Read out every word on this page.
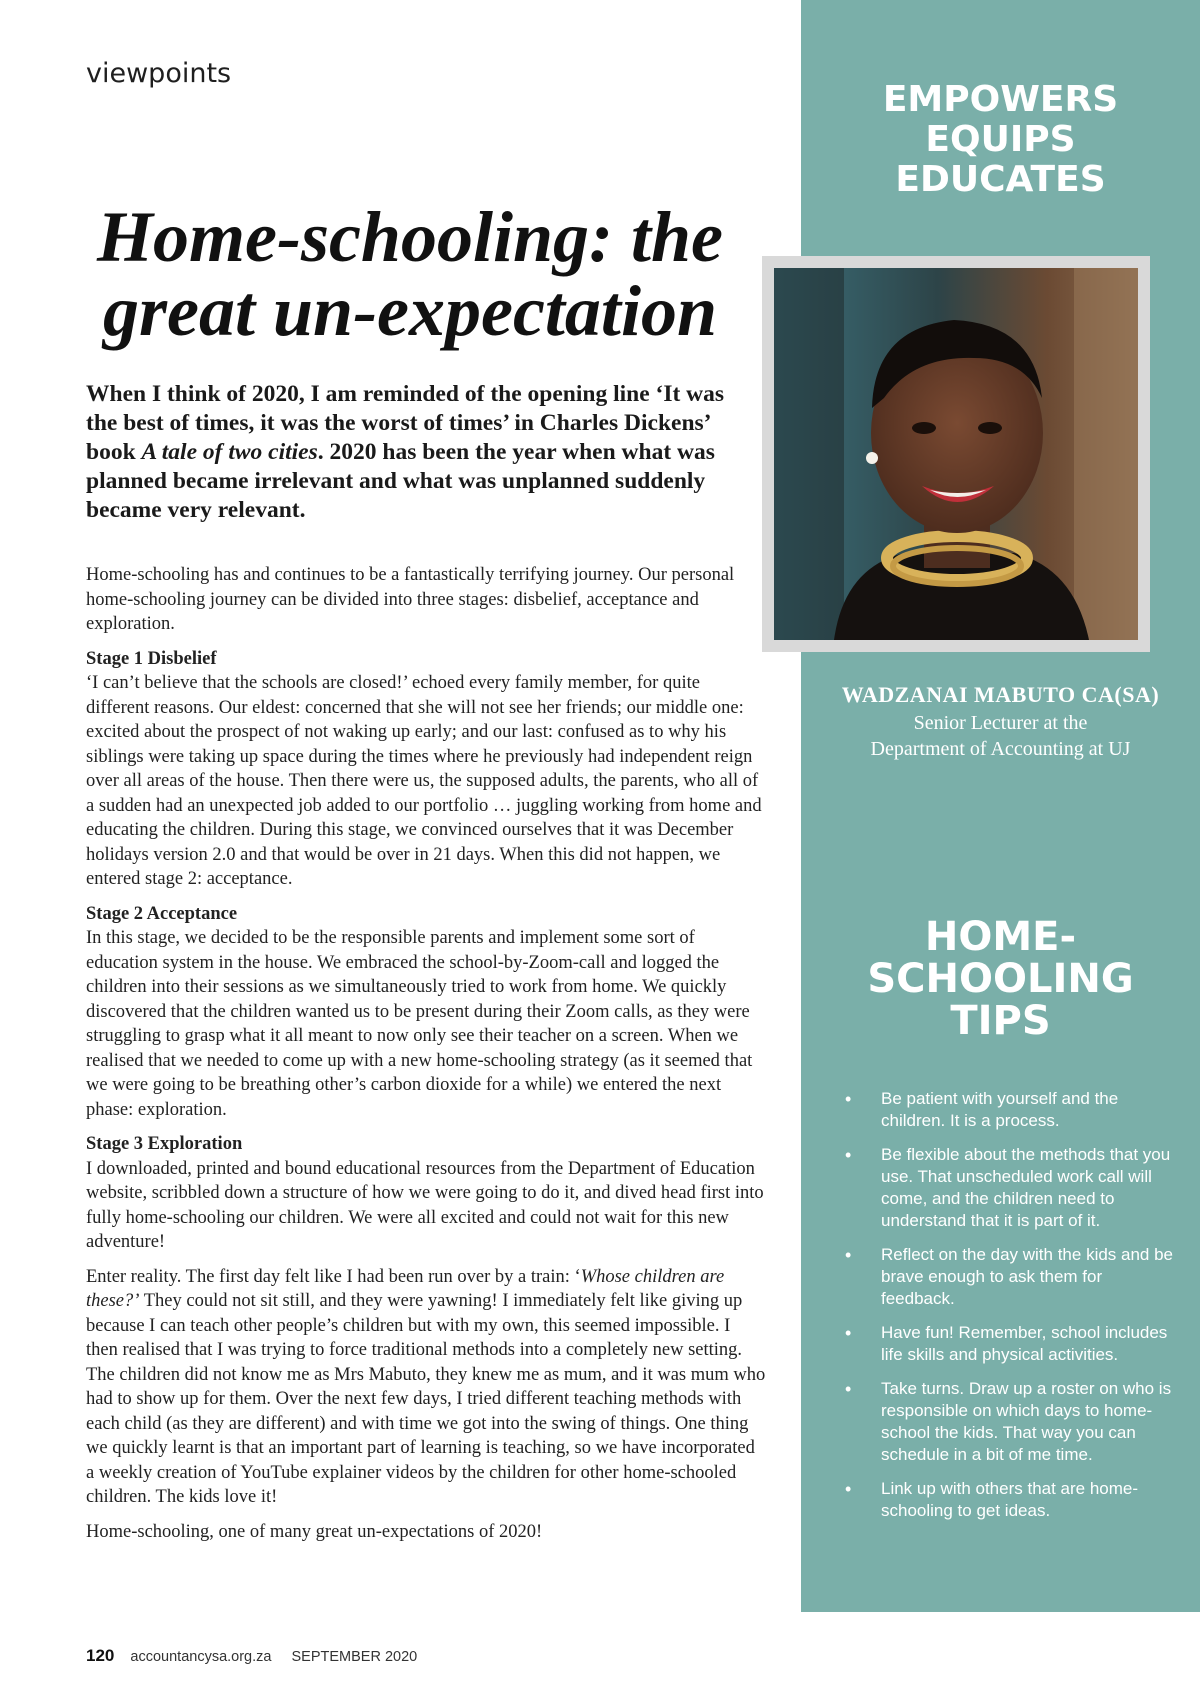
viewpoints
Home-schooling: the
great un-expectation

When I think of 2020, I am reminded of the opening line ‘It was the best of times, it was the worst of times’ in Charles Dickens’ book A tale of two cities. 2020 has been the year when what was planned became irrelevant and what was unplanned suddenly became very relevant.

Home-schooling has and continues to be a fantastically terrifying journey. Our personal home-schooling journey can be divided into three stages: disbelief, acceptance and exploration.

Stage 1 Disbelief

‘I can’t believe that the schools are closed!’ echoed every family member, for quite different reasons. Our eldest: concerned that she will not see her friends; our middle one: excited about the prospect of not waking up early; and our last: confused as to why his siblings were taking up space during the times where he previously had independent reign over all areas of the house. Then there were us, the supposed adults, the parents, who all of a sudden had an unexpected job added to our portfolio … juggling working from home and educating the children. During this stage, we convinced ourselves that it was December holidays version 2.0 and that would be over in 21 days. When this did not happen, we entered stage 2: acceptance.

Stage 2 Acceptance

In this stage, we decided to be the responsible parents and implement some sort of education system in the house. We embraced the school-by-Zoom-call and logged the children into their sessions as we simultaneously tried to work from home. We quickly discovered that the children wanted us to be present during their Zoom calls, as they were struggling to grasp what it all meant to now only see their teacher on a screen. When we realised that we needed to come up with a new home-schooling strategy (as it seemed that we were going to be breathing other’s carbon dioxide for a while) we entered the next phase: exploration.

Stage 3 Exploration

I downloaded, printed and bound educational resources from the Department of Education website, scribbled down a structure of how we were going to do it, and dived head first into fully home-schooling our children. We were all excited and could not wait for this new adventure!

Enter reality. The first day felt like I had been run over by a train: ‘Whose children are these?’ They could not sit still, and they were yawning! I immediately felt like giving up because I can teach other people’s children but with my own, this seemed impossible. I then realised that I was trying to force traditional methods into a completely new setting. The children did not know me as Mrs Mabuto, they knew me as mum, and it was mum who had to show up for them. Over the next few days, I tried different teaching methods with each child (as they are different) and with time we got into the swing of things. One thing we quickly learnt is that an important part of learning is teaching, so we have incorporated a weekly creation of YouTube explainer videos by the children for other home-schooled children. The kids love it!

Home-schooling, one of many great un-expectations of 2020!

120 accountancysa.org.za SEPTEMBER 2020
EMPOWERS
EQUIPS
EDUCATES
WADZANAI MABUTO CA(SA)
Senior Lecturer at the
Department of Accounting at UJ
HOME-
SCHOOLING
TIPS
• Be patient with yourself and the children. It is a process.
• Be flexible about the methods that you use. That unscheduled work call will come, and the children need to understand that it is part of it.
• Reflect on the day with the kids and be brave enough to ask them for feedback.
• Have fun! Remember, school includes life skills and physical activities.
• Take turns. Draw up a roster on who is responsible on which days to home-school the kids. That way you can schedule in a bit of me time.
• Link up with others that are home-schooling to get ideas.
